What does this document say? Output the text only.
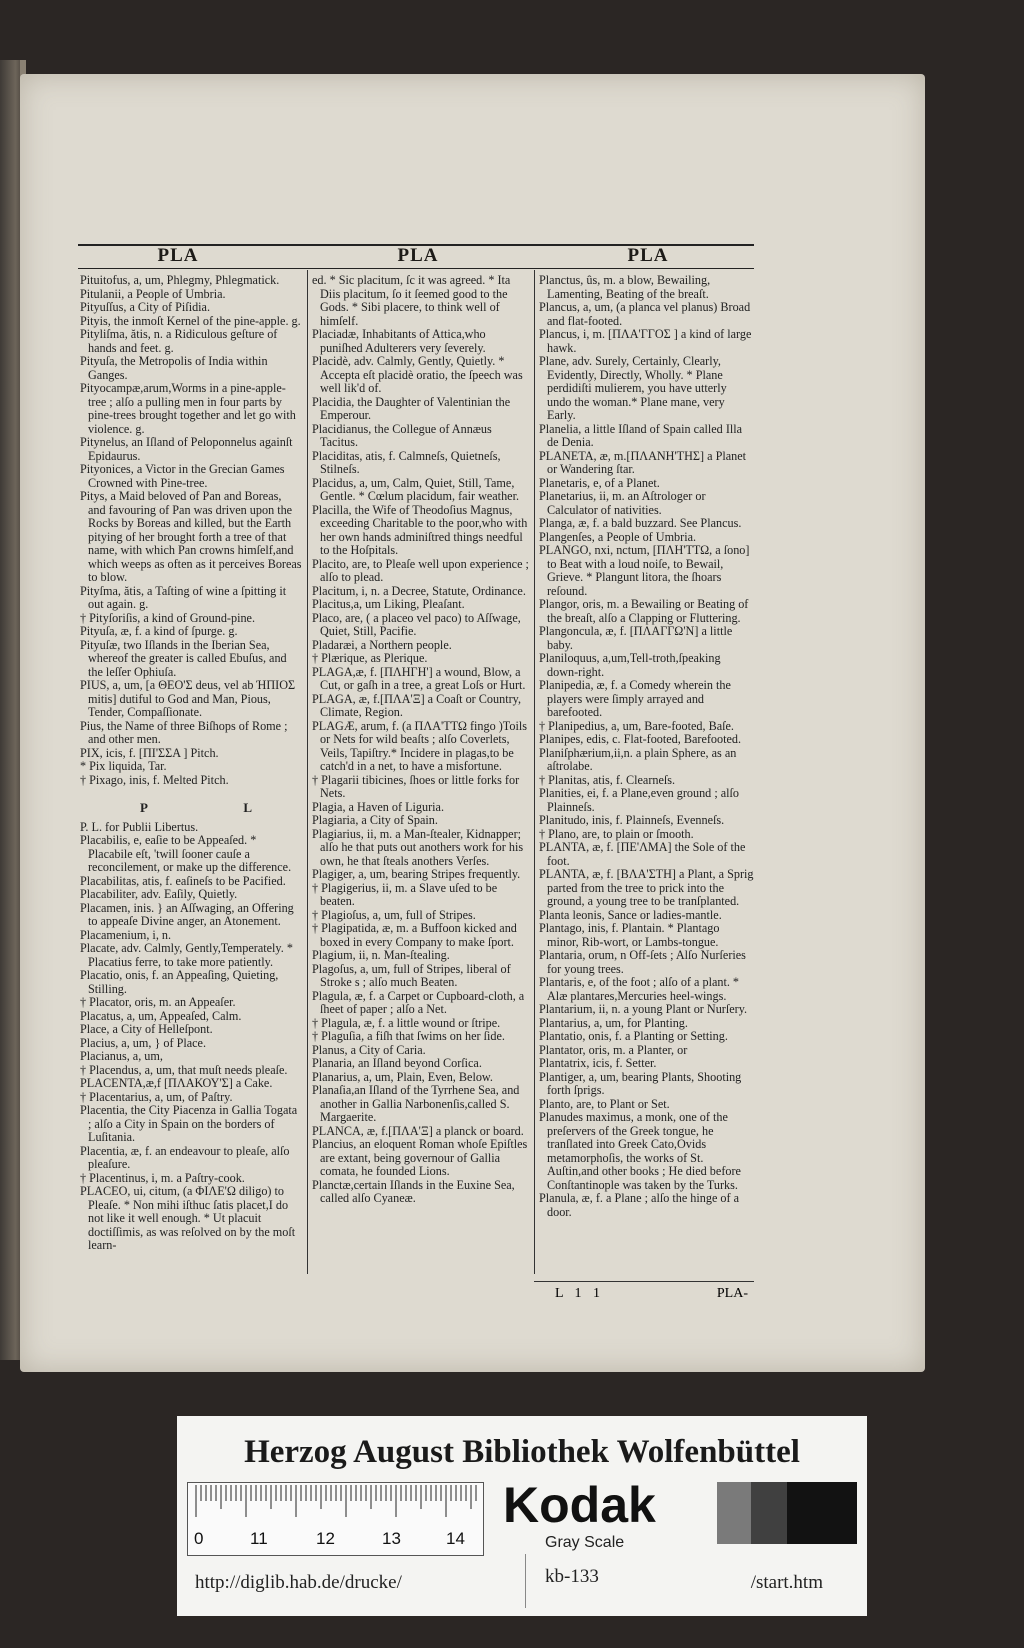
PLA	PLA	PLA

Pituitofus, a, um, Phlegmy, Phlegmatick.

Pitulanii, a People of Umbria.

Pityuſſus, a City of Piſidia.

Pityis, the inmoſt Kernel of the pine-apple. g.

Pityliſma, ătis, n. a Ridiculous geſture of hands and feet. g.

Pityuſa, the Metropolis of India within Ganges.

Pityocampæ,arum,Worms in a pine-apple-tree ; alſo a pulling men in four parts by pine-trees brought together and let go with violence. g.

Pitynelus, an Iſland of Peloponnelus againſt Epidaurus.

Pityonices, a Victor in the Grecian Games Crowned with Pine-tree.

Pitys, a Maid beloved of Pan and Boreas, and favouring of Pan was driven upon the Rocks by Boreas and killed, but the Earth pitying of her brought forth a tree of that name, with which Pan crowns himſelf,and which weeps as often as it perceives Boreas to blow.

Pityſma, ătis, a Taſting of wine a ſpitting it out again. g.

† Pityſoriſis, a kind of Ground-pine.

Pityuſa, æ, f. a kind of ſpurge. g.

Pityuſæ, two Iſlands in the Iberian Sea, whereof the greater is called Ebuſus, and the leſſer Ophiuſa.

PIUS, a, um, [a ΘΕΟ'Σ deus, vel ab ΉΠΙΟΣ mitis] dutiful to God and Man, Pious, Tender, Compaſſionate.

Pius, the Name of three Biſhops of Rome ; and other men.

PIX, icis, f. [ΠΙ'ΣΣΑ ] Pitch.

* Pix liquida, Tar.

† Pixago, inis, f. Melted Pitch.

P	L

P. L. for Publii Libertus.

Placabilis, e, eaſie to be Appeaſed. * Placabile eſt, 'twill ſooner cauſe a reconcilement, or make up the difference.

Placabilitas, atis, f. eaſineſs to be Pacified.

Placabiliter, adv. Eaſily, Quietly.

Placamen, inis. } an Aſſwaging, an Offering to appeaſe Divine anger, an Atonement.

Placamenium, i, n.

Placate, adv. Calmly, Gently,Temperately. * Placatius ferre, to take more patiently.

Placatio, onis, f. an Appeaſing, Quieting, Stilling.

† Placator, oris, m. an Appeaſer.

Placatus, a, um, Appeaſed, Calm.

Place, a City of Helleſpont.

Placius, a, um, } of Place.

Placianus, a, um,

† Placendus, a, um, that muſt needs pleaſe.

PLACENTA,æ,f [ΠΛΑΚΟΥ'Σ] a Cake.

† Placentarius, a, um, of Paſtry.

Placentia, the City Piacenza in Gallia Togata ; alſo a City in Spain on the borders of Luſitania.

Placentia, æ, f. an endeavour to pleaſe, alſo pleaſure.

† Placentinus, i, m. a Paſtry-cook.

PLACEO, ui, citum, (a ΦΙΛΕ'Ω diligo) to Pleaſe. * Non mihi iſthuc ſatis placet,I do not like it well enough. * Ut placuit doctiſſimis, as was reſolved on by the moſt learn-

ed. * Sic placitum, ſc it was agreed. * Ita Diis placitum, ſo it ſeemed good to the Gods. * Sibi placere, to think well of himſelf.

Placiadæ, Inhabitants of Attica,who puniſhed Adulterers very ſeverely.

Placidè, adv. Calmly, Gently, Quietly. * Accepta eſt placidè oratio, the ſpeech was well lik'd of.

Placidia, the Daughter of Valentinian the Emperour.

Placidianus, the Collegue of Annæus Tacitus.

Placiditas, atis, f. Calmneſs, Quietneſs, Stilneſs.

Placidus, a, um, Calm, Quiet, Still, Tame, Gentle. * Cœlum placidum, fair weather.

Placilla, the Wife of Theodoſius Magnus, exceeding Charitable to the poor,who with her own hands adminiſtred things needful to the Hoſpitals.

Placito, are, to Pleaſe well upon experience ; alſo to plead.

Placitum, i, n. a Decree, Statute, Ordinance.

Placitus,a, um Liking, Pleaſant.

Placo, are, ( a placeo vel paco) to Aſſwage, Quiet, Still, Pacifie.

Pladaræi, a Northern people.

† Plærique, as Plerique.

PLAGA,æ, f. [ΠΛΗΓΗ'] a wound, Blow, a Cut, or gaſh in a tree, a great Loſs or Hurt.

PLAGA, æ, f.[ΠΛΑ'Ξ] a Coaſt or Country, Climate, Region.

PLAGÆ, arum, f. (a ΠΛΑ'ΤΤΩ fingo )Toils or Nets for wild beaſts ; alſo Coverlets, Veils, Tapiſtry.* Incidere in plagas,to be catch'd in a net, to have a misfortune.

† Plagarii tibicines, ſhoes or little forks for Nets.

Plagia, a Haven of Liguria.

Plagiaria, a City of Spain.

Plagiarius, ii, m. a Man-ſtealer, Kidnapper; alſo he that puts out anothers work for his own, he that ſteals anothers Verſes.

Plagiger, a, um, bearing Stripes frequently.

† Plagigerius, ii, m. a Slave uſed to be beaten.

† Plagioſus, a, um, full of Stripes.

† Plagipatida, æ, m. a Buffoon kicked and boxed in every Company to make ſport.

Plagium, ii, n. Man-ſtealing.

Plagoſus, a, um, full of Stripes, liberal of Stroke s ; alſo much Beaten.

Plagula, æ, f. a Carpet or Cupboard-cloth, a ſheet of paper ; alſo a Net.

† Plagula, æ, f. a little wound or ſtripe.

† Plaguſia, a fiſh that ſwims on her ſide.

Planus, a City of Caria.

Planaria, an Iſland beyond Corſica.

Planarius, a, um, Plain, Even, Below.

Planaſia,an Iſland of the Tyrrhene Sea, and another in Gallia Narbonenſis,called S. Margaerite.

PLANCA, æ, f.[ΠΛΑ'Ξ] a planck or board.

Plancius, an eloquent Roman whoſe Epiſtles are extant, being governour of Gallia comata, he founded Lions.

Planctæ,certain Iſlands in the Euxine Sea, called alſo Cyaneæ.

Planctus, ûs, m. a blow, Bewailing, Lamenting, Beating of the breaſt.

Plancus, a, um, (a planca vel planus) Broad and flat-footed.

Plancus, i, m. [ΠΛΑ'ΓΓΟΣ ] a kind of large hawk.

Plane, adv. Surely, Certainly, Clearly, Evidently, Directly, Wholly. * Plane perdidiſti mulierem, you have utterly undo the woman.* Plane mane, very Early.

Planelia, a little Iſland of Spain called Illa de Denia.

PLANETA, æ, m.[ΠΛΑΝΗ'ΤΗΣ] a Planet or Wandering ſtar.

Planetaris, e, of a Planet.

Planetarius, ii, m. an Aſtrologer or Calculator of nativities.

Planga, æ, f. a bald buzzard. See Plancus.

Plangenſes, a People of Umbria.

PLANGO, nxi, nctum, [ΠΛΗ'ΤΤΩ, a ſono] to Beat with a loud noiſe, to Bewail, Grieve. * Plangunt litora, the ſhoars reſound.

Plangor, oris, m. a Bewailing or Beating of the breaſt, alſo a Clapping or Fluttering.

Plangoncula, æ, f. [ΠΛΑΓΓΩ'Ν] a little baby.

Planiloquus, a,um,Tell-troth,ſpeaking down-right.

Planipedia, æ, f. a Comedy wherein the players were ſimply arrayed and barefooted.

† Planipedius, a, um, Bare-footed, Baſe.

Planipes, edis, c. Flat-footed, Barefooted.

Planiſphærium,ii,n. a plain Sphere, as an aſtrolabe.

† Planitas, atis, f. Clearneſs.

Planities, ei, f. a Plane,even ground ; alſo Plainneſs.

Planitudo, inis, f. Plainneſs, Evenneſs.

† Plano, are, to plain or ſmooth.

PLANTA, æ, f. [ΠΕ'ΛΜΑ] the Sole of the foot.

PLANTA, æ, f. [ΒΛΑ'ΣΤΗ] a Plant, a Sprig parted from the tree to prick into the ground, a young tree to be tranſplanted.

Planta leonis, Sance or ladies-mantle.

Plantago, inis, f. Plantain. * Plantago minor, Rib-wort, or Lambs-tongue.

Plantaria, orum, n Off-ſets ; Alſo Nurſeries for young trees.

Plantaris, e, of the foot ; alſo of a plant. * Alæ plantares,Mercuries heel-wings.

Plantarium, ii, n. a young Plant or Nurſery.

Plantarius, a, um, for Planting.

Plantatio, onis, f. a Planting or Setting.

Plantator, oris, m. a Planter, or

Plantatrix, icis, f. Setter.

Plantiger, a, um, bearing Plants, Shooting forth ſprigs.

Planto, are, to Plant or Set.

Planudes maximus, a monk, one of the preſervers of the Greek tongue, he tranſlated into Greek Cato,Ovids metamorphoſis, the works of St. Auſtin,and other books ; He died before Conſtantinople was taken by the Turks.

Planula, æ, f. a Plane ; alſo the hinge of a door.

L 1 1	PLA-
Herzog August Bibliothek Wolfenbüttel
0	11	12	13	14
Kodak
Gray Scale
http://diglib.hab.de/drucke/	kb-133	/start.htm
